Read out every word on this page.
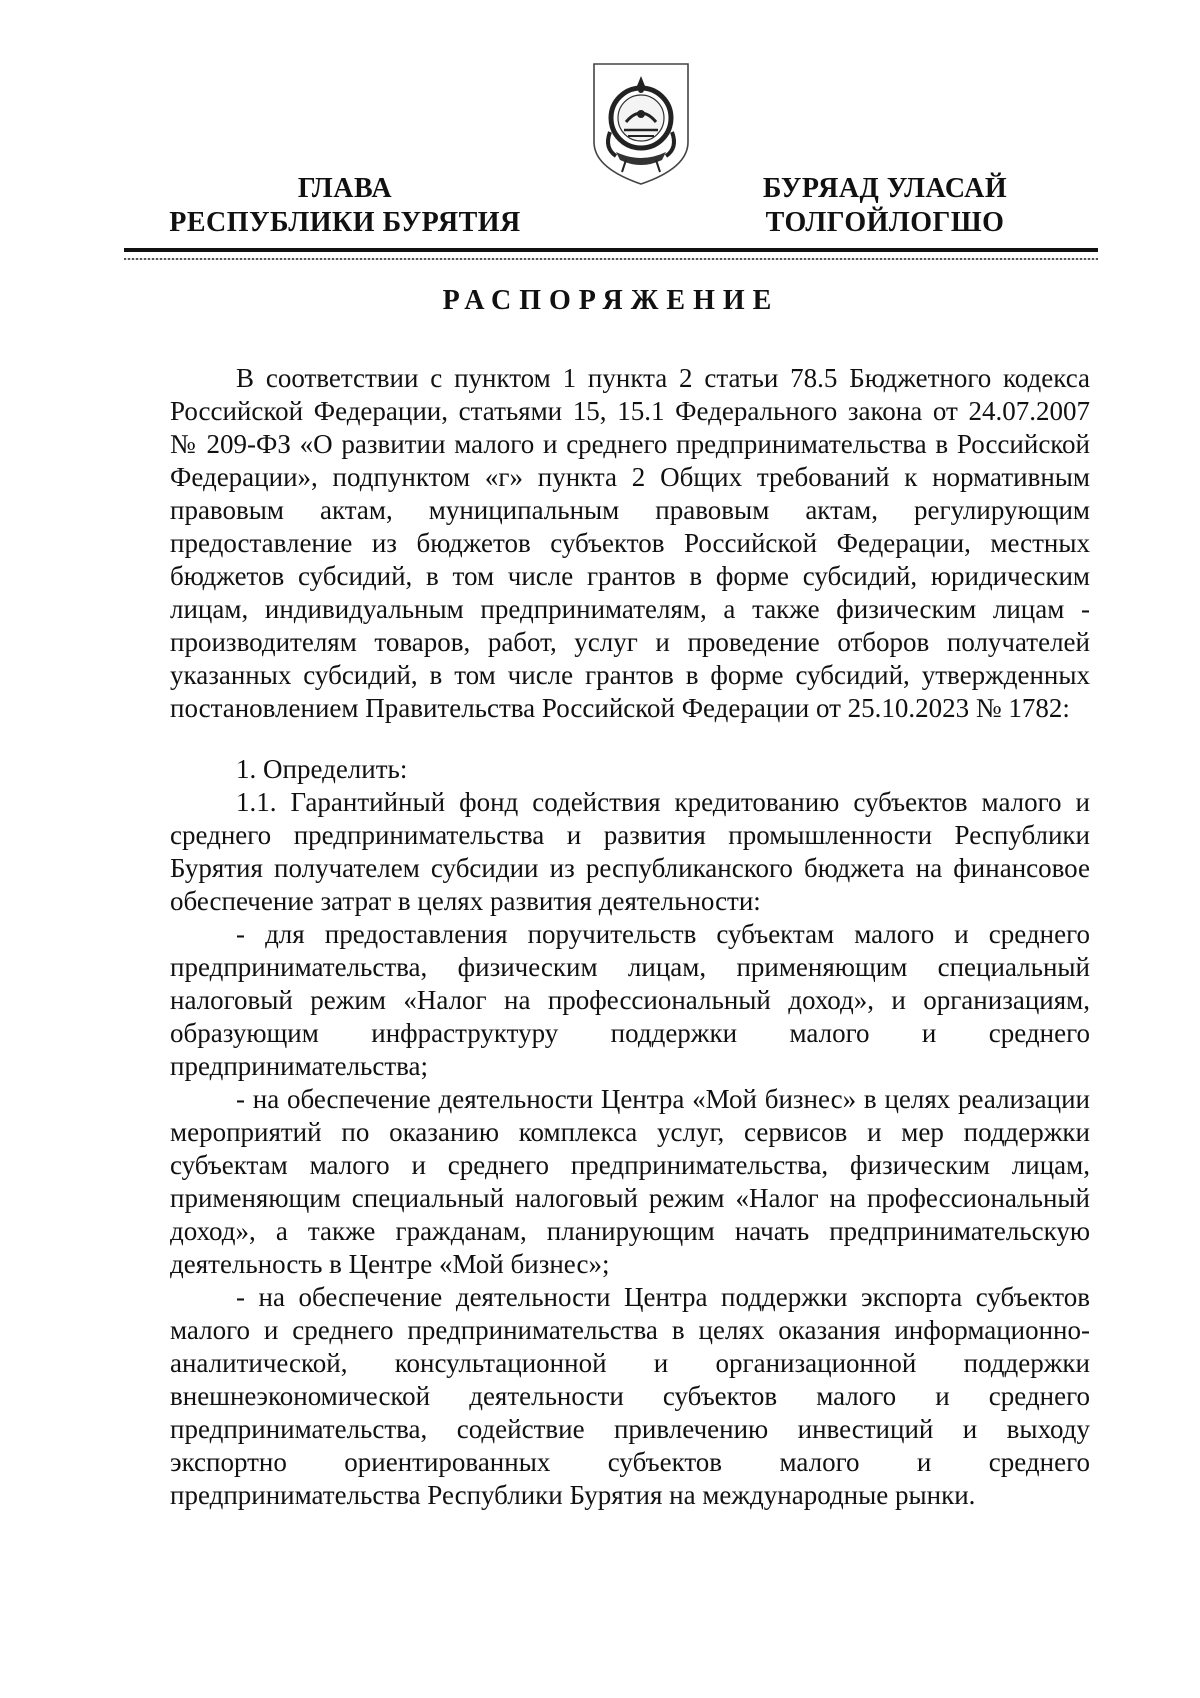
ГЛАВА
РЕСПУБЛИКИ БУРЯТИЯ
БУРЯАД УЛАСАЙ
ТОЛГОЙЛОГШО
РАСПОРЯЖЕНИЕ

В соответствии с пунктом 1 пункта 2 статьи 78.5 Бюджетного кодекса Российской Федерации, статьями 15, 15.1 Федерального закона от 24.07.2007 № 209-ФЗ «О развитии малого и среднего предпринимательства в Российской Федерации», подпунктом «г» пункта 2 Общих требований к нормативным правовым актам, муниципальным правовым актам, регулирующим предоставление из бюджетов субъектов Российской Федерации, местных бюджетов субсидий, в том числе грантов в форме субсидий, юридическим лицам, индивидуальным предпринимателям, а также физическим лицам - производителям товаров, работ, услуг и проведение отборов получателей указанных субсидий, в том числе грантов в форме субсидий, утвержденных постановлением Правительства Российской Федерации от 25.10.2023 № 1782:

1. Определить:

1.1. Гарантийный фонд содействия кредитованию субъектов малого и среднего предпринимательства и развития промышленности Республики Бурятия получателем субсидии из республиканского бюджета на финансовое обеспечение затрат в целях развития деятельности:

- для предоставления поручительств субъектам малого и среднего предпринимательства, физическим лицам, применяющим специальный налоговый режим «Налог на профессиональный доход», и организациям, образующим инфраструктуру поддержки малого и среднего предпринимательства;

- на обеспечение деятельности Центра «Мой бизнес» в целях реализации мероприятий по оказанию комплекса услуг, сервисов и мер поддержки субъектам малого и среднего предпринимательства, физическим лицам, применяющим специальный налоговый режим «Налог на профессиональный доход», а также гражданам, планирующим начать предпринимательскую деятельность в Центре «Мой бизнес»;

- на обеспечение деятельности Центра поддержки экспорта субъектов малого и среднего предпринимательства в целях оказания информационно-аналитической, консультационной и организационной поддержки внешнеэкономической деятельности субъектов малого и среднего предпринимательства, содействие привлечению инвестиций и выходу экспортно ориентированных субъектов малого и среднего предпринимательства Республики Бурятия на международные рынки.
